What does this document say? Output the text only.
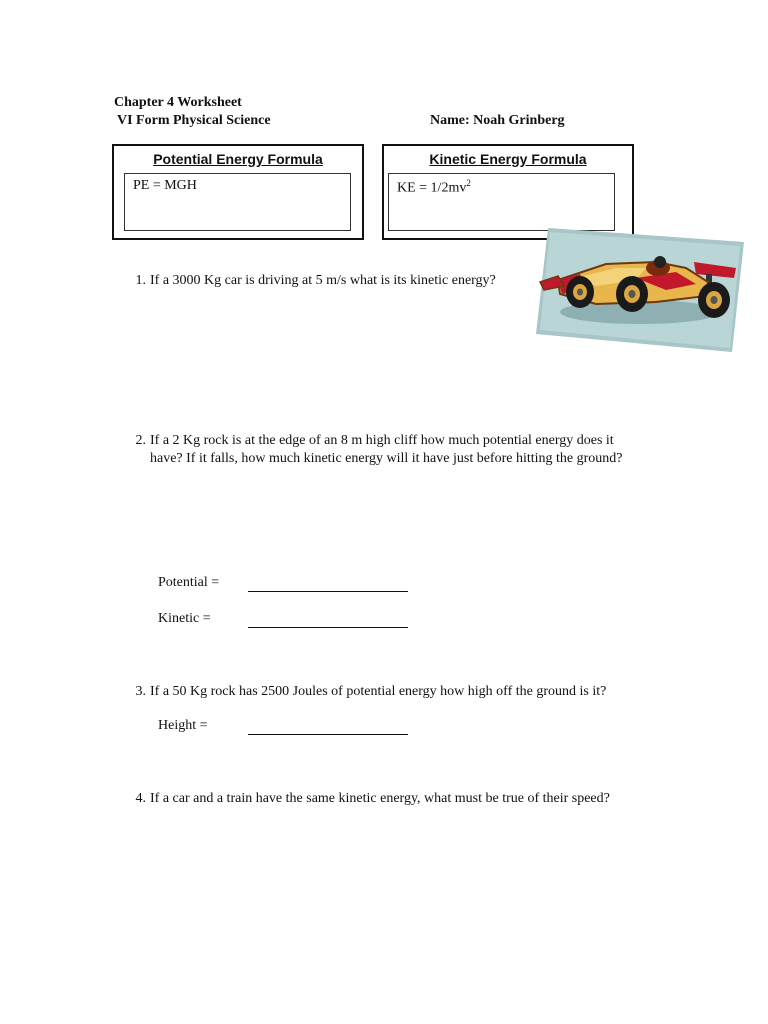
Chapter 4 Worksheet
VI Form Physical Science	Name: Noah Grinberg
Potential Energy Formula
PE = MGH
Kinetic Energy Formula
KE = $1/2mv^2$
1. If a 3000 Kg car is driving at 5 m/s what is its kinetic energy?
2. If a 2 Kg rock is at the edge of an 8 m high cliff how much potential energy does it have? If it falls, how much kinetic energy will it have just before hitting the ground?
Potential =
Kinetic =
3. If a 50 Kg rock has 2500 Joules of potential energy how high off the ground is it?
Height =
4. If a car and a train have the same kinetic energy, what must be true of their speed?
